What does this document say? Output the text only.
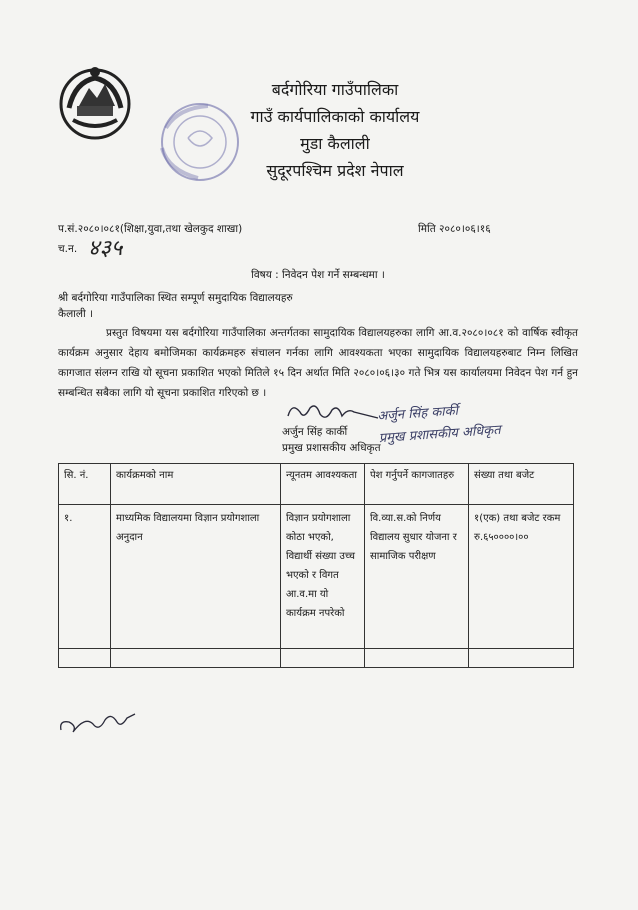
बर्दगोरिया गाउँपालिका
गाउँ कार्यपालिकाको कार्यालय
मुडा कैलाली
सुदूरपश्चिम प्रदेश नेपाल
प.सं.२०८०।०८१(शिक्षा,युवा,तथा खेलकुद शाखा)	मिति २०८०।०६।१६
च.न. ४३५
विषय : निवेदन पेश गर्ने सम्बन्धमा ।
श्री बर्दगोरिया गाउँपालिका स्थित सम्पूर्ण समुदायिक विद्यालयहरु
कैलाली ।

प्रस्तुत विषयमा यस बर्दगोरिया गाउँपालिका अन्तर्गतका सामुदायिक विद्यालयहरुका लागि आ.व.२०८०।०८१ को वार्षिक स्वीकृत कार्यक्रम अनुसार देहाय बमोजिमका कार्यक्रमहरु संचालन गर्नका लागि आवश्यकता भएका सामुदायिक विद्यालयहरुबाट निम्न लिखित कागजात संलग्न राखि यो सूचना प्रकाशित भएको मितिले १५ दिन अर्थात मिति २०८०।०६।३० गते भित्र यस कार्यालयमा निवेदन पेश गर्न हुन सम्बन्धित सबैका लागि यो सूचना प्रकाशित गरिएको छ ।

अर्जुन सिंह कार्की
प्रमुख प्रशासकीय अधिकृत
अर्जुन सिंह कार्की
प्रमुख प्रशासकीय अधिकृत
सि. नं.	कार्यक्रमको नाम	न्यूनतम आवश्यकता	पेश गर्नुपर्ने कागजातहरु	संख्या तथा बजेट
१.	माध्यमिक विद्यालयमा विज्ञान प्रयोगशाला अनुदान	विज्ञान प्रयोगशाला कोठा भएको, विद्यार्थी संख्या उच्च भएको र विगत आ.व.मा यो कार्यक्रम नपरेको	वि.व्या.स.को निर्णय विद्यालय सुधार योजना र सामाजिक परीक्षण	१(एक) तथा बजेट रकम रु.६५००००।००
